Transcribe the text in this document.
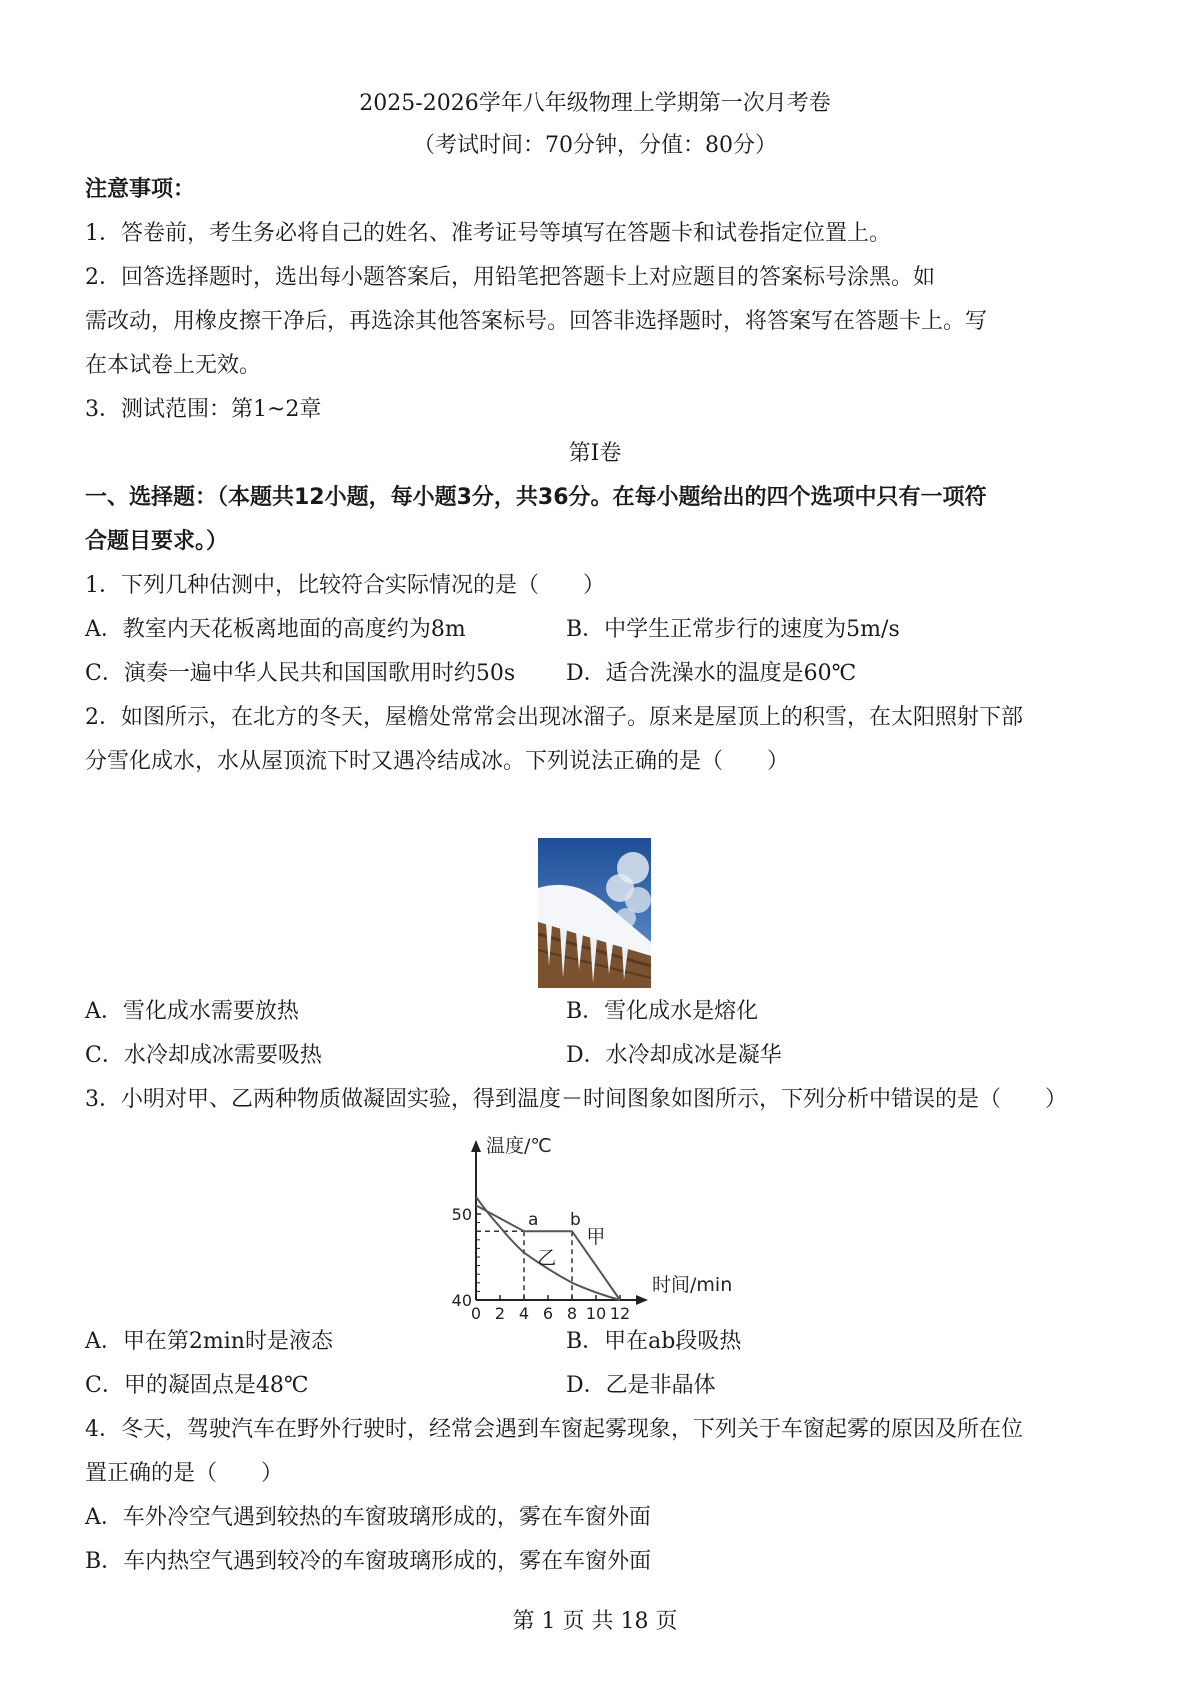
2025-2026学年八年级物理上学期第一次月考卷
（考试时间：70分钟，分值：80分）
注意事项：
1．答卷前，考生务必将自己的姓名、准考证号等填写在答题卡和试卷指定位置上。
2．回答选择题时，选出每小题答案后，用铅笔把答题卡上对应题目的答案标号涂黑。如
需改动，用橡皮擦干净后，再选涂其他答案标号。回答非选择题时，将答案写在答题卡上。写
在本试卷上无效。
3．测试范围：第1~2章
第I卷
一、选择题：（本题共12小题，每小题3分，共36分。在每小题给出的四个选项中只有一项符
合题目要求。）
1．下列几种估测中，比较符合实际情况的是（　　）
A．教室内天花板离地面的高度约为8m	B．中学生正常步行的速度为5m/s
C．演奏一遍中华人民共和国国歌用时约50s D．适合洗澡水的温度是60℃
2．如图所示，在北方的冬天，屋檐处常常会出现冰溜子。原来是屋顶上的积雪，在太阳照射下部
分雪化成水，水从屋顶流下时又遇冷结成冰。下列说法正确的是（　　）
A．雪化成水需要放热	B．雪化成水是熔化
C．水冷却成冰需要吸热	D．水冷却成冰是凝华
3．小明对甲、乙两种物质做凝固实验，得到温度－时间图象如图所示，下列分析中错误的是（　　）
温度/℃
时间/min
0 2 4 6 8 10 12
50
40
a b
甲
乙
A．甲在第2min时是液态	B．甲在ab段吸热
C．甲的凝固点是48℃	D．乙是非晶体
4．冬天，驾驶汽车在野外行驶时，经常会遇到车窗起雾现象，下列关于车窗起雾的原因及所在位
置正确的是（　　）
A．车外冷空气遇到较热的车窗玻璃形成的，雾在车窗外面
B．车内热空气遇到较冷的车窗玻璃形成的，雾在车窗外面
第 1 页 共 18 页
